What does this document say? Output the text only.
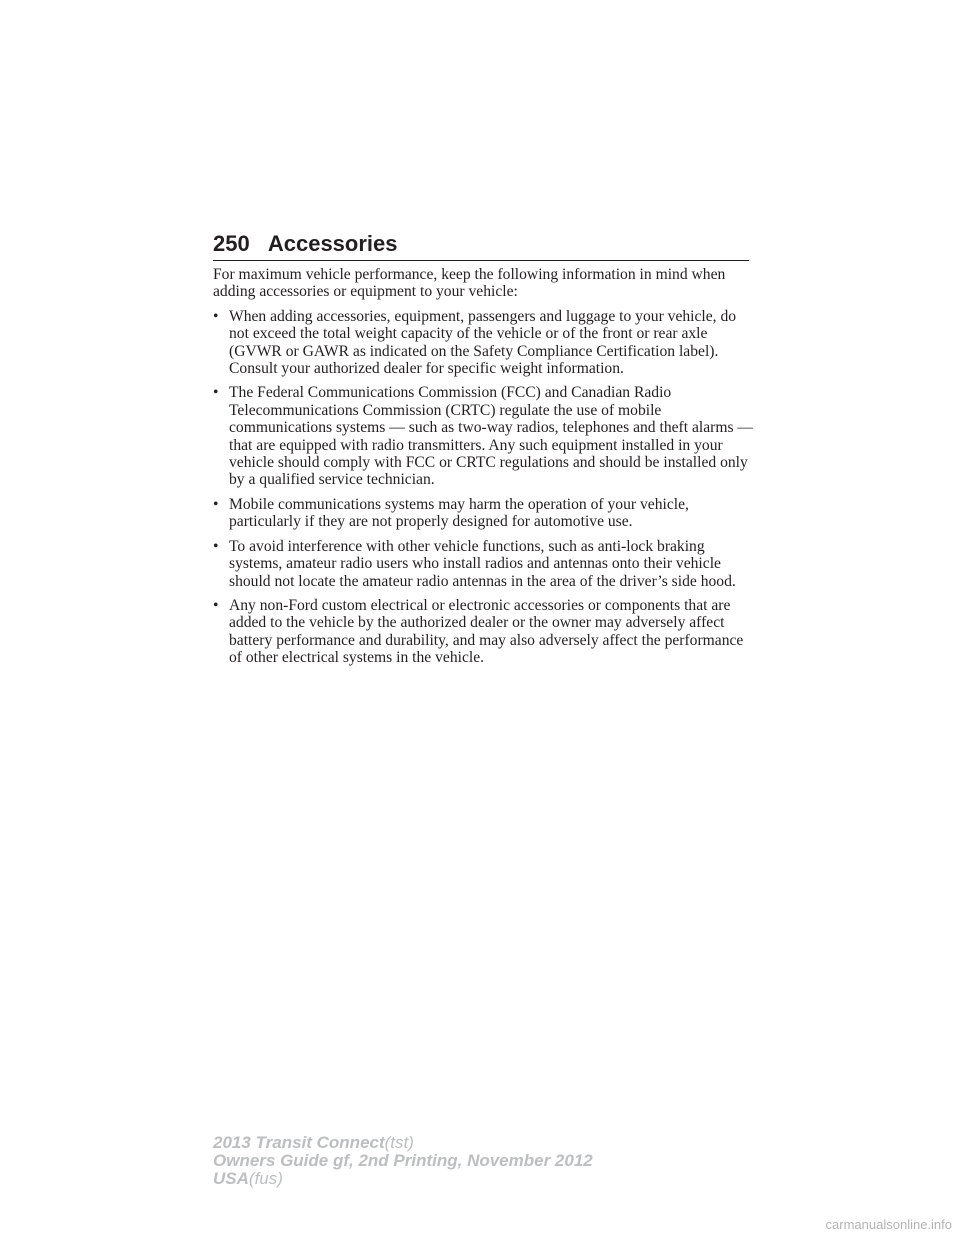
250 Accessories

For maximum vehicle performance, keep the following information in mind when adding accessories or equipment to your vehicle:

• When adding accessories, equipment, passengers and luggage to your vehicle, do not exceed the total weight capacity of the vehicle or of the front or rear axle (GVWR or GAWR as indicated on the Safety Compliance Certification label). Consult your authorized dealer for specific weight information.
• The Federal Communications Commission (FCC) and Canadian Radio Telecommunications Commission (CRTC) regulate the use of mobile communications systems — such as two-way radios, telephones and theft alarms — that are equipped with radio transmitters. Any such equipment installed in your vehicle should comply with FCC or CRTC regulations and should be installed only by a qualified service technician.
• Mobile communications systems may harm the operation of your vehicle, particularly if they are not properly designed for automotive use.
• To avoid interference with other vehicle functions, such as anti-lock braking systems, amateur radio users who install radios and antennas onto their vehicle should not locate the amateur radio antennas in the area of the driver’s side hood.
• Any non-Ford custom electrical or electronic accessories or components that are added to the vehicle by the authorized dealer or the owner may adversely affect battery performance and durability, and may also adversely affect the performance of other electrical systems in the vehicle.
2013 Transit Connect(tst)
Owners Guide gf, 2nd Printing, November 2012
USA(fus)
carmanualsonline.info
